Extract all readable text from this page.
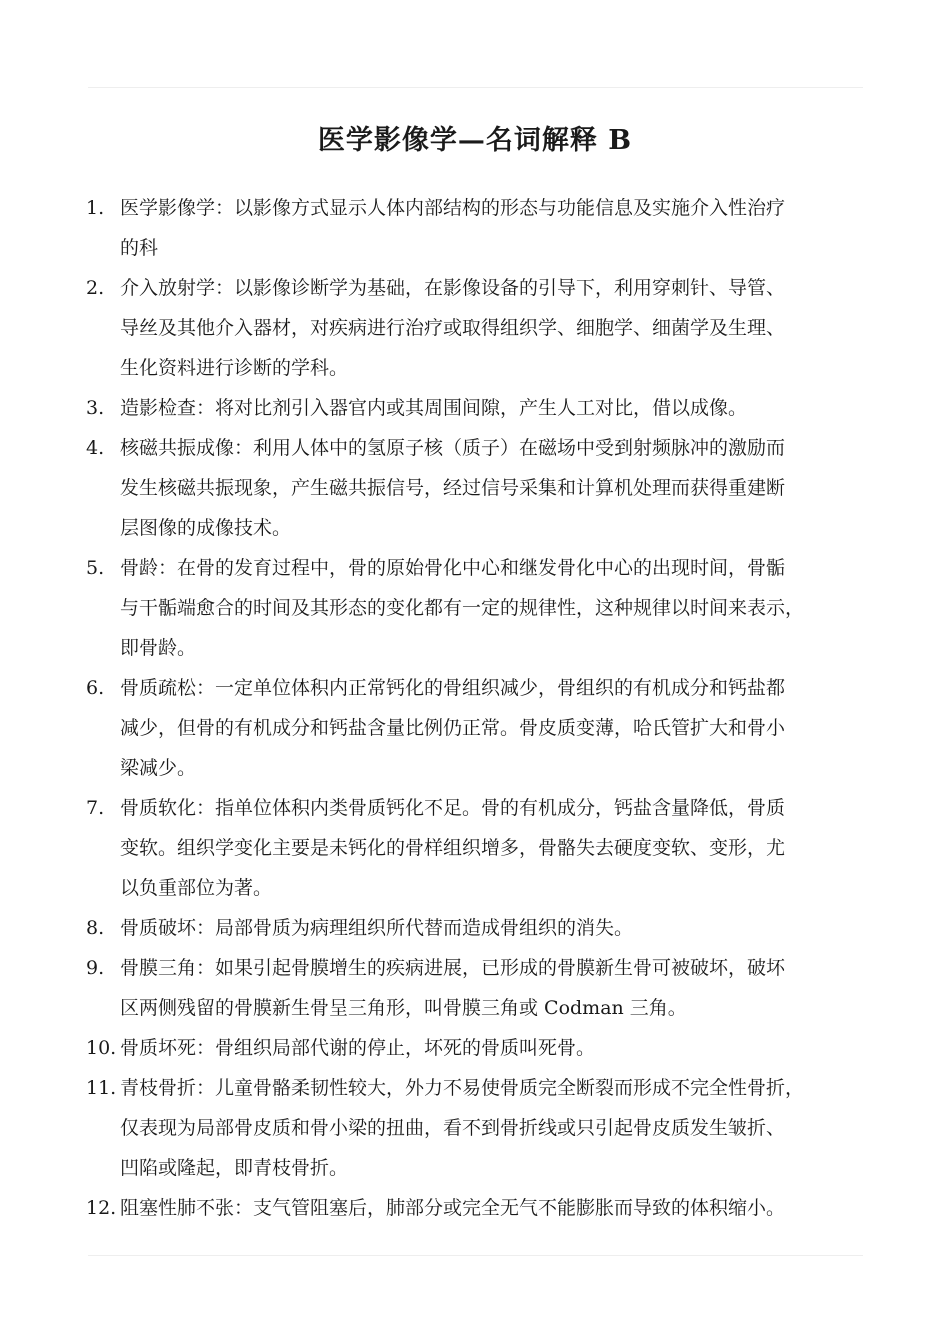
医学影像学—名词解释 B
1. 医学影像学：以影像方式显示人体内部结构的形态与功能信息及实施介入性治疗
的科
2. 介入放射学：以影像诊断学为基础，在影像设备的引导下，利用穿刺针、导管、
导丝及其他介入器材，对疾病进行治疗或取得组织学、细胞学、细菌学及生理、
生化资料进行诊断的学科。
3. 造影检查：将对比剂引入器官内或其周围间隙，产生人工对比，借以成像。
4. 核磁共振成像：利用人体中的氢原子核（质子）在磁场中受到射频脉冲的激励而
发生核磁共振现象，产生磁共振信号，经过信号采集和计算机处理而获得重建断
层图像的成像技术。
5. 骨龄：在骨的发育过程中，骨的原始骨化中心和继发骨化中心的出现时间，骨骺
与干骺端愈合的时间及其形态的变化都有一定的规律性，这种规律以时间来表示，
即骨龄。
6. 骨质疏松：一定单位体积内正常钙化的骨组织减少，骨组织的有机成分和钙盐都
减少，但骨的有机成分和钙盐含量比例仍正常。骨皮质变薄，哈氏管扩大和骨小
梁减少。
7. 骨质软化：指单位体积内类骨质钙化不足。骨的有机成分，钙盐含量降低，骨质
变软。组织学变化主要是未钙化的骨样组织增多，骨骼失去硬度变软、变形，尤
以负重部位为著。
8. 骨质破坏：局部骨质为病理组织所代替而造成骨组织的消失。
9. 骨膜三角：如果引起骨膜增生的疾病进展，已形成的骨膜新生骨可被破坏，破坏
区两侧残留的骨膜新生骨呈三角形，叫骨膜三角或 Codman 三角。
10. 骨质坏死：骨组织局部代谢的停止，坏死的骨质叫死骨。
11. 青枝骨折：儿童骨骼柔韧性较大，外力不易使骨质完全断裂而形成不完全性骨折，
仅表现为局部骨皮质和骨小梁的扭曲，看不到骨折线或只引起骨皮质发生皱折、
凹陷或隆起，即青枝骨折。
12. 阻塞性肺不张：支气管阻塞后，肺部分或完全无气不能膨胀而导致的体积缩小。
